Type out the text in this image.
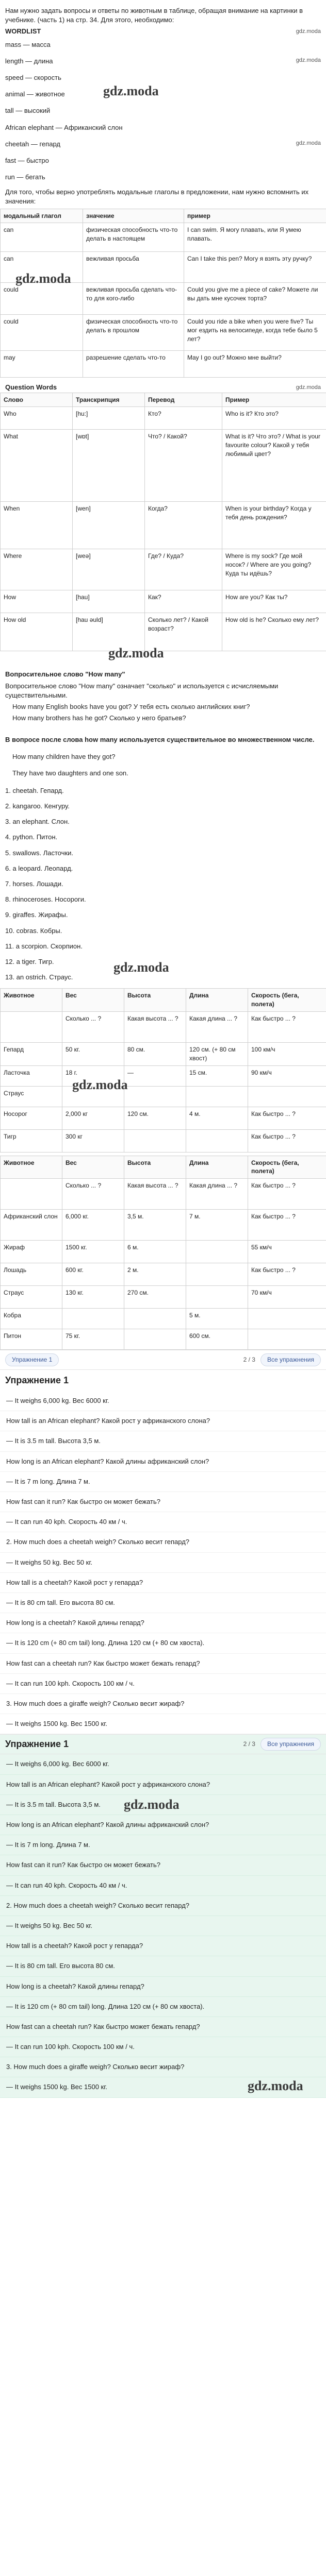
Нам нужно задать вопросы и ответы по животным в таблице, обращая внимание на картинки в учебнике. (часть 1) на стр. 34. Для этого, необходимо:

WORDLIST	gdz.moda
mass — масса
length — длина	gdz.moda
speed — скорость
animal — животное
tall — высокий
African elephant — Африканский слон
cheetah — гепард	gdz.moda
fast — быстро
run — бегать
gdz.moda

Для того, чтобы верно употреблять модальные глаголы в предложении, нам нужно вспомнить их значения:

модальный глагол	значение	пример
can	физическая способность что-то делать в настоящем	I can swim. Я могу плавать, или Я умею плавать.
can	вежливая просьба	Can I take this pen? Могу я взять эту ручку?
could	вежливая просьба сделать что-то для кого-либо	Could you give me a piece of cake? Можете ли вы дать мне кусочек торта?
could	физическая способность что-то делать в прошлом	Could you ride a bike when you were five? Ты мог ездить на велосипеде, когда тебе было 5 лет?
may	разрешение сделать что-то	May I go out? Можно мне выйти?
gdz.moda
Question Words	gdz.moda
Слово	Транскрипция	Перевод	Пример
Who	[hu:]	Кто?	Who is it? Кто это?
What	[wɒt]	Что? / Какой?	What is it? Что это? / What is your favourite colour? Какой у тебя любимый цвет?
When	[wen]	Когда?	When is your birthday? Когда у тебя день рождения?
Where	[weə]	Где? / Куда?	Where is my sock? Где мой носок? / Where are you going? Куда ты идёшь?
How	[hau]	Как?	How are you? Как ты?
How old	[hau əuld]	Сколько лет? / Какой возраст?	How old is he? Сколько ему лет?
gdz.moda

Вопросительное слово "How many"

Вопросительное слово "How many" означает "сколько" и используется с исчисляемыми существительными.

How many English books have you got? У тебя есть сколько английских книг?

How many brothers has he got? Сколько у него братьев?

В вопросе после слова how many используется существительное во множественном числе.

How many children have they got?

They have two daughters and one son.

1. cheetah. Гепард.
2. kangaroo. Кенгуру.
3. an elephant. Слон.
4. python. Питон.
5. swallows. Ласточки.
6. a leopard. Леопард.
7. horses. Лошади.
8. rhinoceroses. Носороги.
9. giraffes. Жирафы.
10. cobras. Кобры.
11. a scorpion. Скорпион.
12. a tiger. Тигр.
13. an ostrich. Страус.
gdz.moda
Животное	Вес	Высота	Длина	Скорость (бега, полета)
	Сколько ... ?	Какая высота ... ?	Какая длина ... ?	Как быстро ... ?
Гепард	50 кг.	80 см.	120 см. (+ 80 см хвост)	100 км/ч
Ласточка	18 г.	—	15 см.	90 км/ч
Страус				
Носорог	2,000 кг	120 см.	4 м.	Как быстро ... ?
Тигр	300 кг			Как быстро ... ?
gdz.moda
Животное	Вес	Высота	Длина	Скорость (бега, полета)
	Сколько ... ?	Какая высота ... ?	Какая длина ... ?	Как быстро ... ?
Африканский слон	6,000 кг.	3,5 м.	7 м.	Как быстро ... ?
Жираф	1500 кг.	6 м.		55 км/ч
Лошадь	600 кг.	2 м.		Как быстро ... ?
Страус	130 кг.	270 см.		70 км/ч
Кобра			5 м.	
Питон	75 кг.		600 см.	
Упражнение 1	2 / 3	Все упражнения
Упражнение 1
— It weighs 6,000 kg. Вес 6000 кг.
How tall is an African elephant? Какой рост у африканского слона?
— It is 3.5 m tall. Высота 3,5 м.
How long is an African elephant? Какой длины африканский слон?
— It is 7 m long. Длина 7 м.
How fast can it run? Как быстро он может бежать?
— It can run 40 kph. Скорость 40 км / ч.
2. How much does a cheetah weigh? Сколько весит гепард?
— It weighs 50 kg. Вес 50 кг.
How tall is a cheetah? Какой рост у гепарда?
— It is 80 cm tall. Его высота 80 см.
How long is a cheetah? Какой длины гепард?
— It is 120 cm (+ 80 cm tail) long. Длина 120 см (+ 80 см хвоста).
How fast can a cheetah run? Как быстро может бежать гепард?
— It can run 100 kph. Скорость 100 км / ч.
3. How much does a giraffe weigh? Сколько весит жираф?
— It weighs 1500 kg. Вес 1500 кг.
Упражнение 1	2 / 3	Все упражнения
— It weighs 6,000 kg. Вес 6000 кг.
How tall is an African elephant? Какой рост у африканского слона?
— It is 3.5 m tall. Высота 3,5 м.
How long is an African elephant? Какой длины африканский слон?
— It is 7 m long. Длина 7 м.
How fast can it run? Как быстро он может бежать?
— It can run 40 kph. Скорость 40 км / ч.
2. How much does a cheetah weigh? Сколько весит гепард?
— It weighs 50 kg. Вес 50 кг.
How tall is a cheetah? Какой рост у гепарда?
— It is 80 cm tall. Его высота 80 см.
How long is a cheetah? Какой длины гепард?
— It is 120 cm (+ 80 cm tail) long. Длина 120 см (+ 80 см хвоста).
How fast can a cheetah run? Как быстро может бежать гепард?
— It can run 100 kph. Скорость 100 км / ч.
3. How much does a giraffe weigh? Сколько весит жираф?
— It weighs 1500 kg. Вес 1500 кг.
gdz.moda
gdz.moda
